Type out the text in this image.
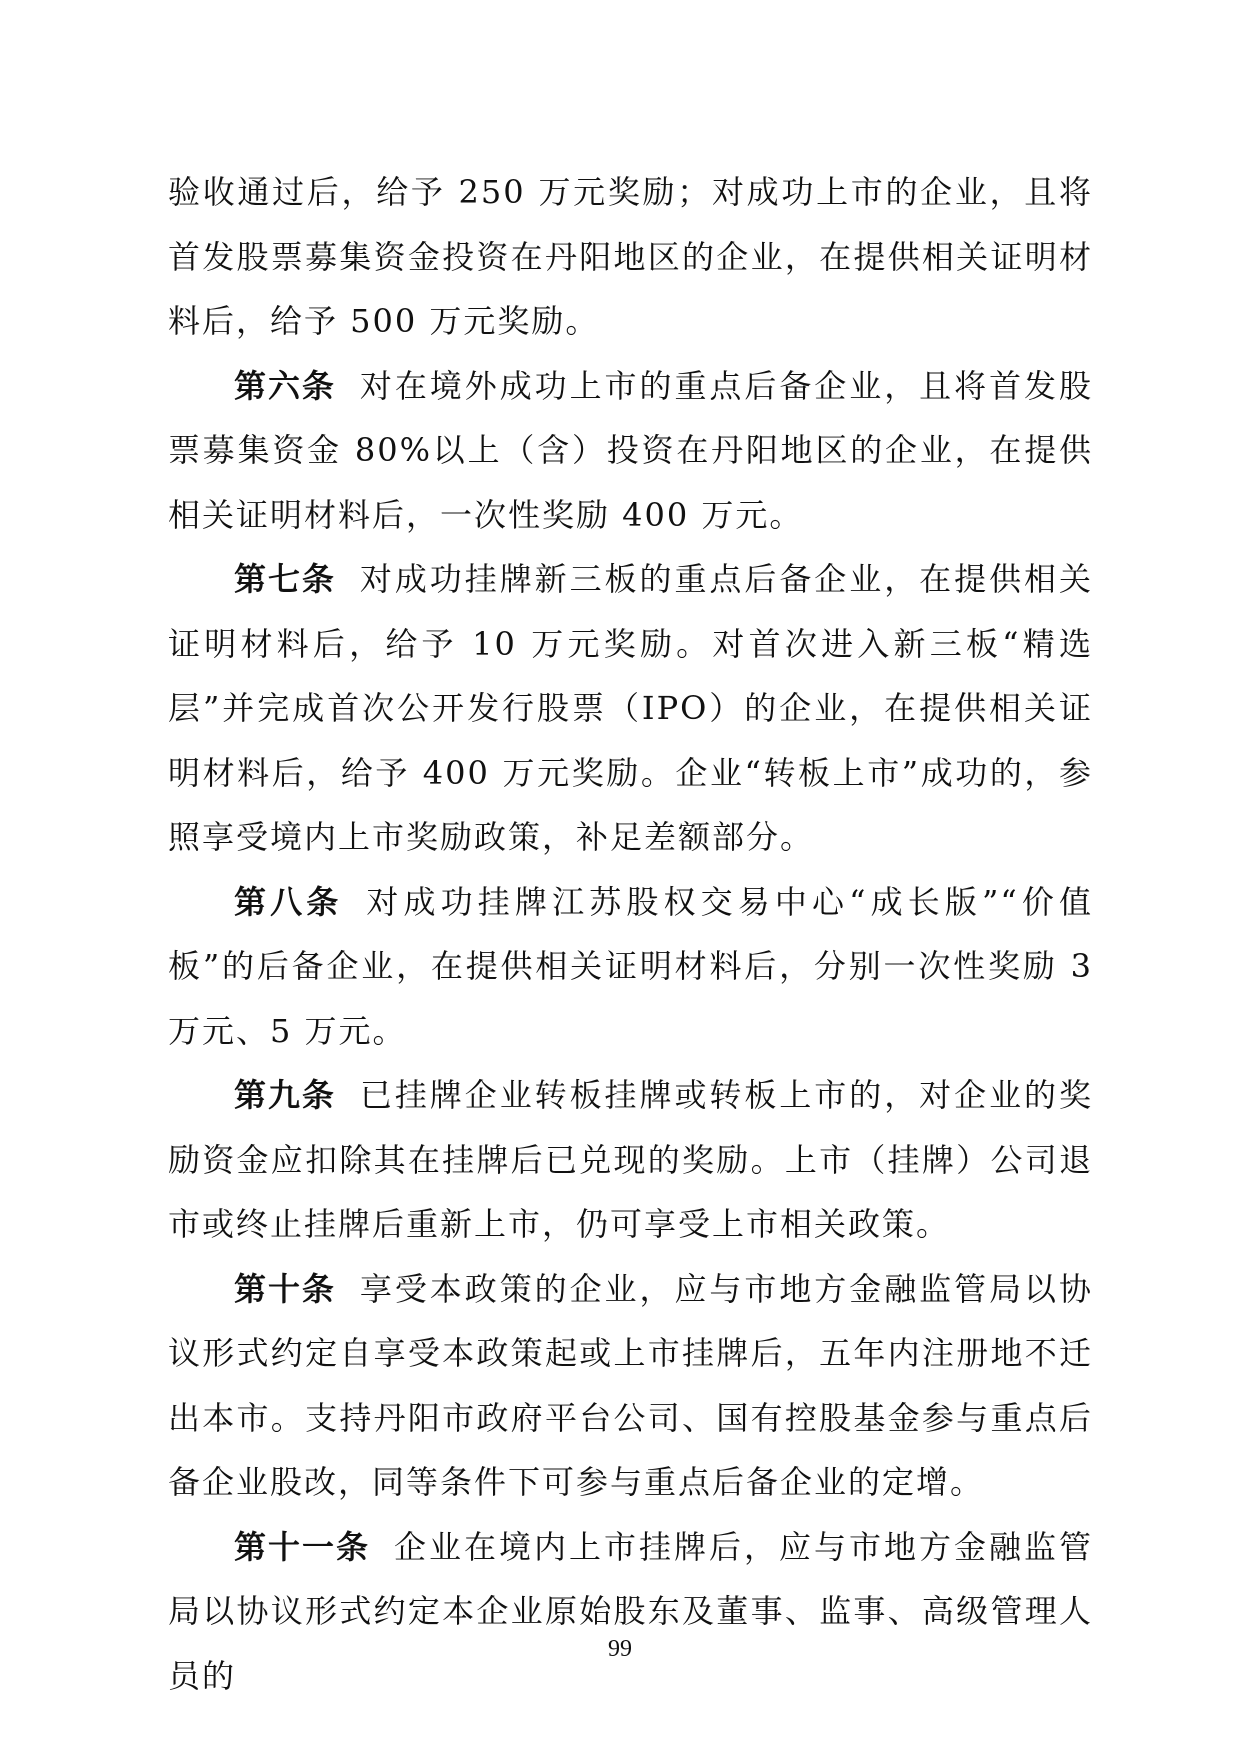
验收通过后，给予 250 万元奖励；对成功上市的企业，且将首发股票募集资金投资在丹阳地区的企业，在提供相关证明材料后，给予 500 万元奖励。

第六条 对在境外成功上市的重点后备企业，且将首发股票募集资金 80%以上（含）投资在丹阳地区的企业，在提供相关证明材料后，一次性奖励 400 万元。

第七条 对成功挂牌新三板的重点后备企业，在提供相关证明材料后，给予 10 万元奖励。对首次进入新三板“精选层”并完成首次公开发行股票（IPO）的企业，在提供相关证明材料后，给予 400 万元奖励。企业“转板上市”成功的，参照享受境内上市奖励政策，补足差额部分。

第八条 对成功挂牌江苏股权交易中心“成长版”“价值板”的后备企业，在提供相关证明材料后，分别一次性奖励 3 万元、5 万元。

第九条 已挂牌企业转板挂牌或转板上市的，对企业的奖励资金应扣除其在挂牌后已兑现的奖励。上市（挂牌）公司退市或终止挂牌后重新上市，仍可享受上市相关政策。

第十条 享受本政策的企业，应与市地方金融监管局以协议形式约定自享受本政策起或上市挂牌后，五年内注册地不迁出本市。支持丹阳市政府平台公司、国有控股基金参与重点后备企业股改，同等条件下可参与重点后备企业的定增。

第十一条 企业在境内上市挂牌后，应与市地方金融监管局以协议形式约定本企业原始股东及董事、监事、高级管理人员的

99
